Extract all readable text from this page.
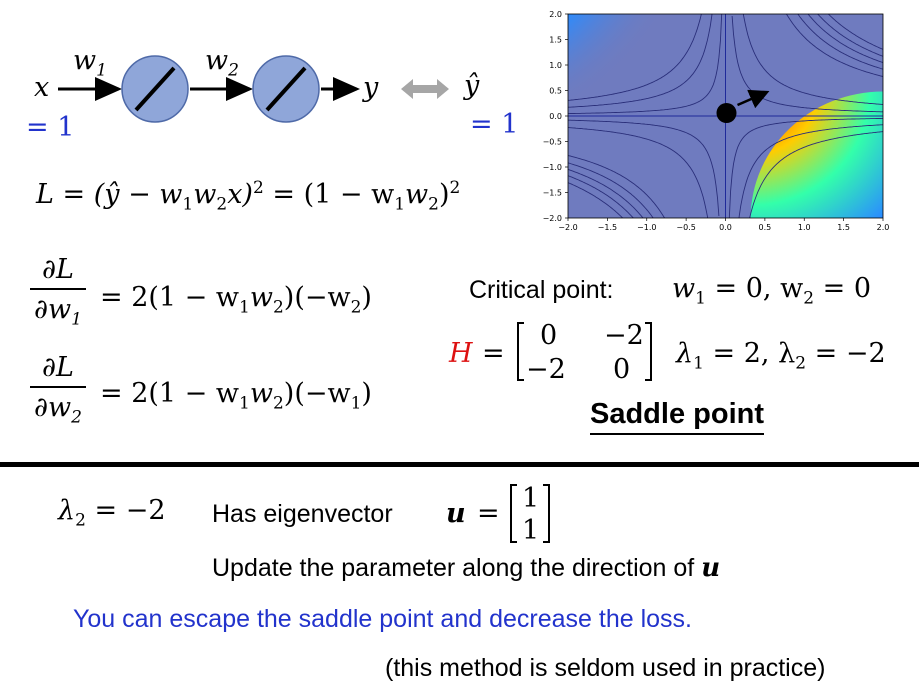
x
= 1
$w_1$	$w_2$
y	ŷ
= 1
L = (ŷ − $w_1w_2x)^2 = (1 - w_1w_2)^2$
∂L
$\partial w_1$
= $2(1 - w_1w_2)(-w_2)$
∂L
$\partial w_2$
= $2(1 - w_1w_2)(-w_1)$
Critical point: $w_1 = 0$, $w_2 = 0$
H =
0 −2
−2 0
$\lambda_1 = 2$, $\lambda_2 = -2$
Saddle point
−2.0 −1.5 −1.0 −0.5	0.0	0.5	1.0	1.5	2.0
2.0
1.5
1.0
0.5
0.0
−0.5
−1.0
−1.5
−2.0
$\lambda_2 = -2$ Has eigenvector u = 1
1
Update the parameter along the direction of u
You can escape the saddle point and decrease the loss.
(this method is seldom used in practice)
